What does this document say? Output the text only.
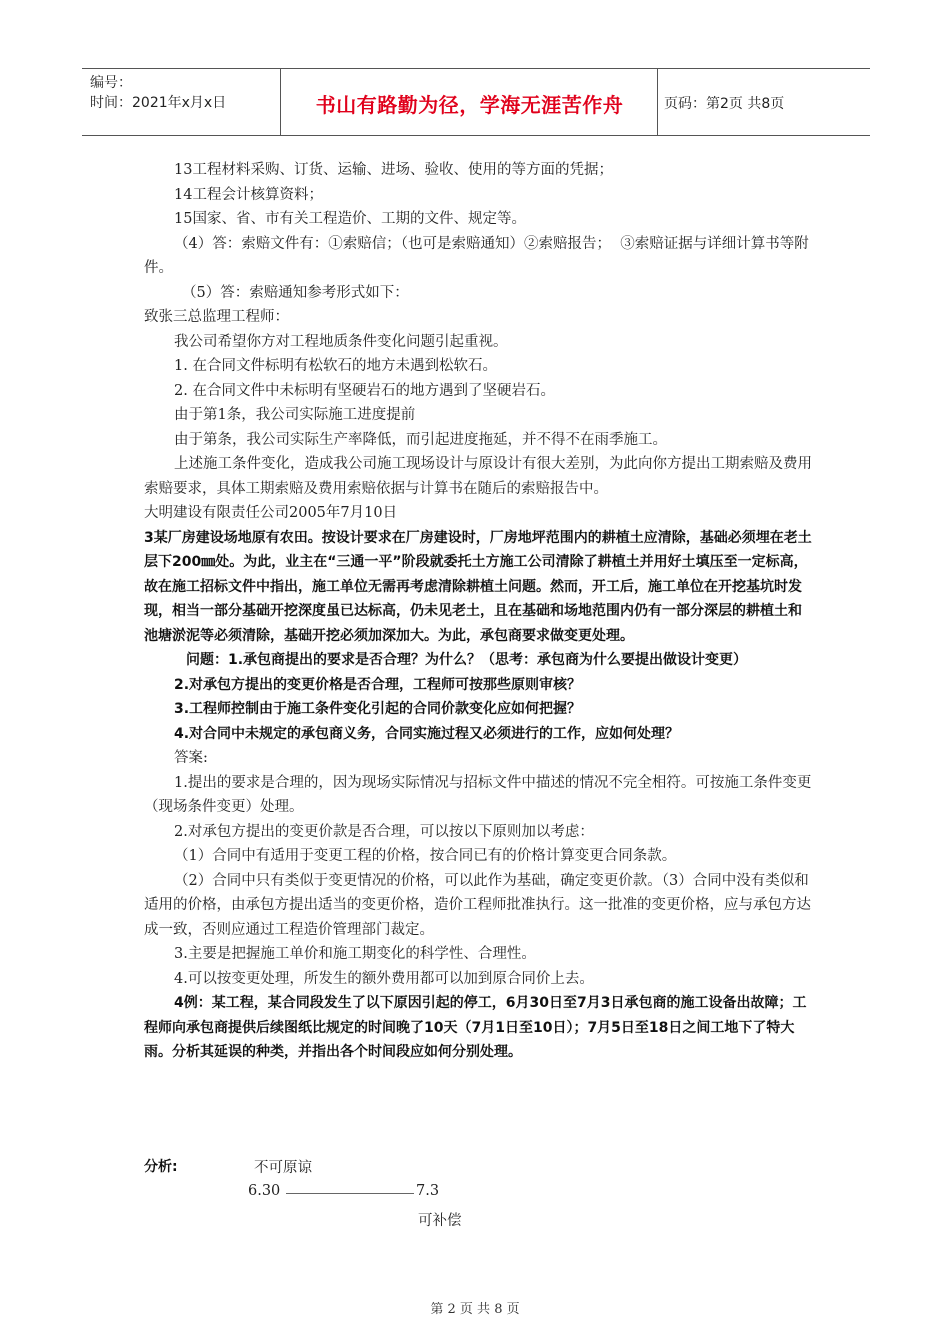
编号：
时间：2021年x月x日	书山有路勤为径，学海无涯苦作舟	页码：第2页 共8页

13工程材料采购、订货、运输、进场、验收、使用的等方面的凭据；

14工程会计核算资料；

15国家、省、市有关工程造价、工期的文件、规定等。

（4）答：索赔文件有：①索赔信；（也可是索赔通知）②索赔报告；  ③索赔证据与详细计算书等附件。

（5）答：索赔通知参考形式如下：

致张三总监理工程师：

我公司希望你方对工程地质条件变化问题引起重视。

1. 在合同文件标明有松软石的地方未遇到松软石。

2. 在合同文件中未标明有坚硬岩石的地方遇到了坚硬岩石。

由于第1条，我公司实际施工进度提前

由于第条，我公司实际生产率降低，而引起进度拖延，并不得不在雨季施工。

上述施工条件变化，造成我公司施工现场设计与原设计有很大差别，为此向你方提出工期索赔及费用索赔要求，具体工期索赔及费用索赔依据与计算书在随后的索赔报告中。

大明建设有限责任公司2005年7月10日

3某厂房建设场地原有农田。按设计要求在厂房建设时，厂房地坪范围内的耕植土应清除，基础必须埋在老土层下200㎜处。为此，业主在“三通一平”阶段就委托土方施工公司清除了耕植土并用好土填压至一定标高，故在施工招标文件中指出，施工单位无需再考虑清除耕植土问题。然而，开工后，施工单位在开挖基坑时发现，相当一部分基础开挖深度虽已达标高，仍未见老土，且在基础和场地范围内仍有一部分深层的耕植土和池塘淤泥等必须清除，基础开挖必须加深加大。为此，承包商要求做变更处理。

问题：1.承包商提出的要求是否合理？为什么？（思考：承包商为什么要提出做设计变更）

2.对承包方提出的变更价格是否合理，工程师可按那些原则审核？

3.工程师控制由于施工条件变化引起的合同价款变化应如何把握？

4.对合同中未规定的承包商义务，合同实施过程又必须进行的工作，应如何处理？

答案:

1.提出的要求是合理的，因为现场实际情况与招标文件中描述的情况不完全相符。可按施工条件变更（现场条件变更）处理。

2.对承包方提出的变更价款是否合理，可以按以下原则加以考虑：

（1）合同中有适用于变更工程的价格，按合同已有的价格计算变更合同条款。

（2）合同中只有类似于变更情况的价格，可以此作为基础，确定变更价款。（3）合同中没有类似和适用的价格，由承包方提出适当的变更价格，造价工程师批准执行。这一批准的变更价格，应与承包方达成一致，否则应通过工程造价管理部门裁定。

3.主要是把握施工单价和施工期变化的科学性、合理性。

4.可以按变更处理，所发生的额外费用都可以加到原合同价上去。

4例：某工程，某合同段发生了以下原因引起的停工，6月30日至7月3日承包商的施工设备出故障；工程师向承包商提供后续图纸比规定的时间晚了10天（7月1日至10日）；7月5日至18日之间工地下了特大雨。分析其延误的种类，并指出各个时间段应如何分别处理。

分析:	不可原谅
6.30	7.3
可补偿
第 2 页 共 8 页
